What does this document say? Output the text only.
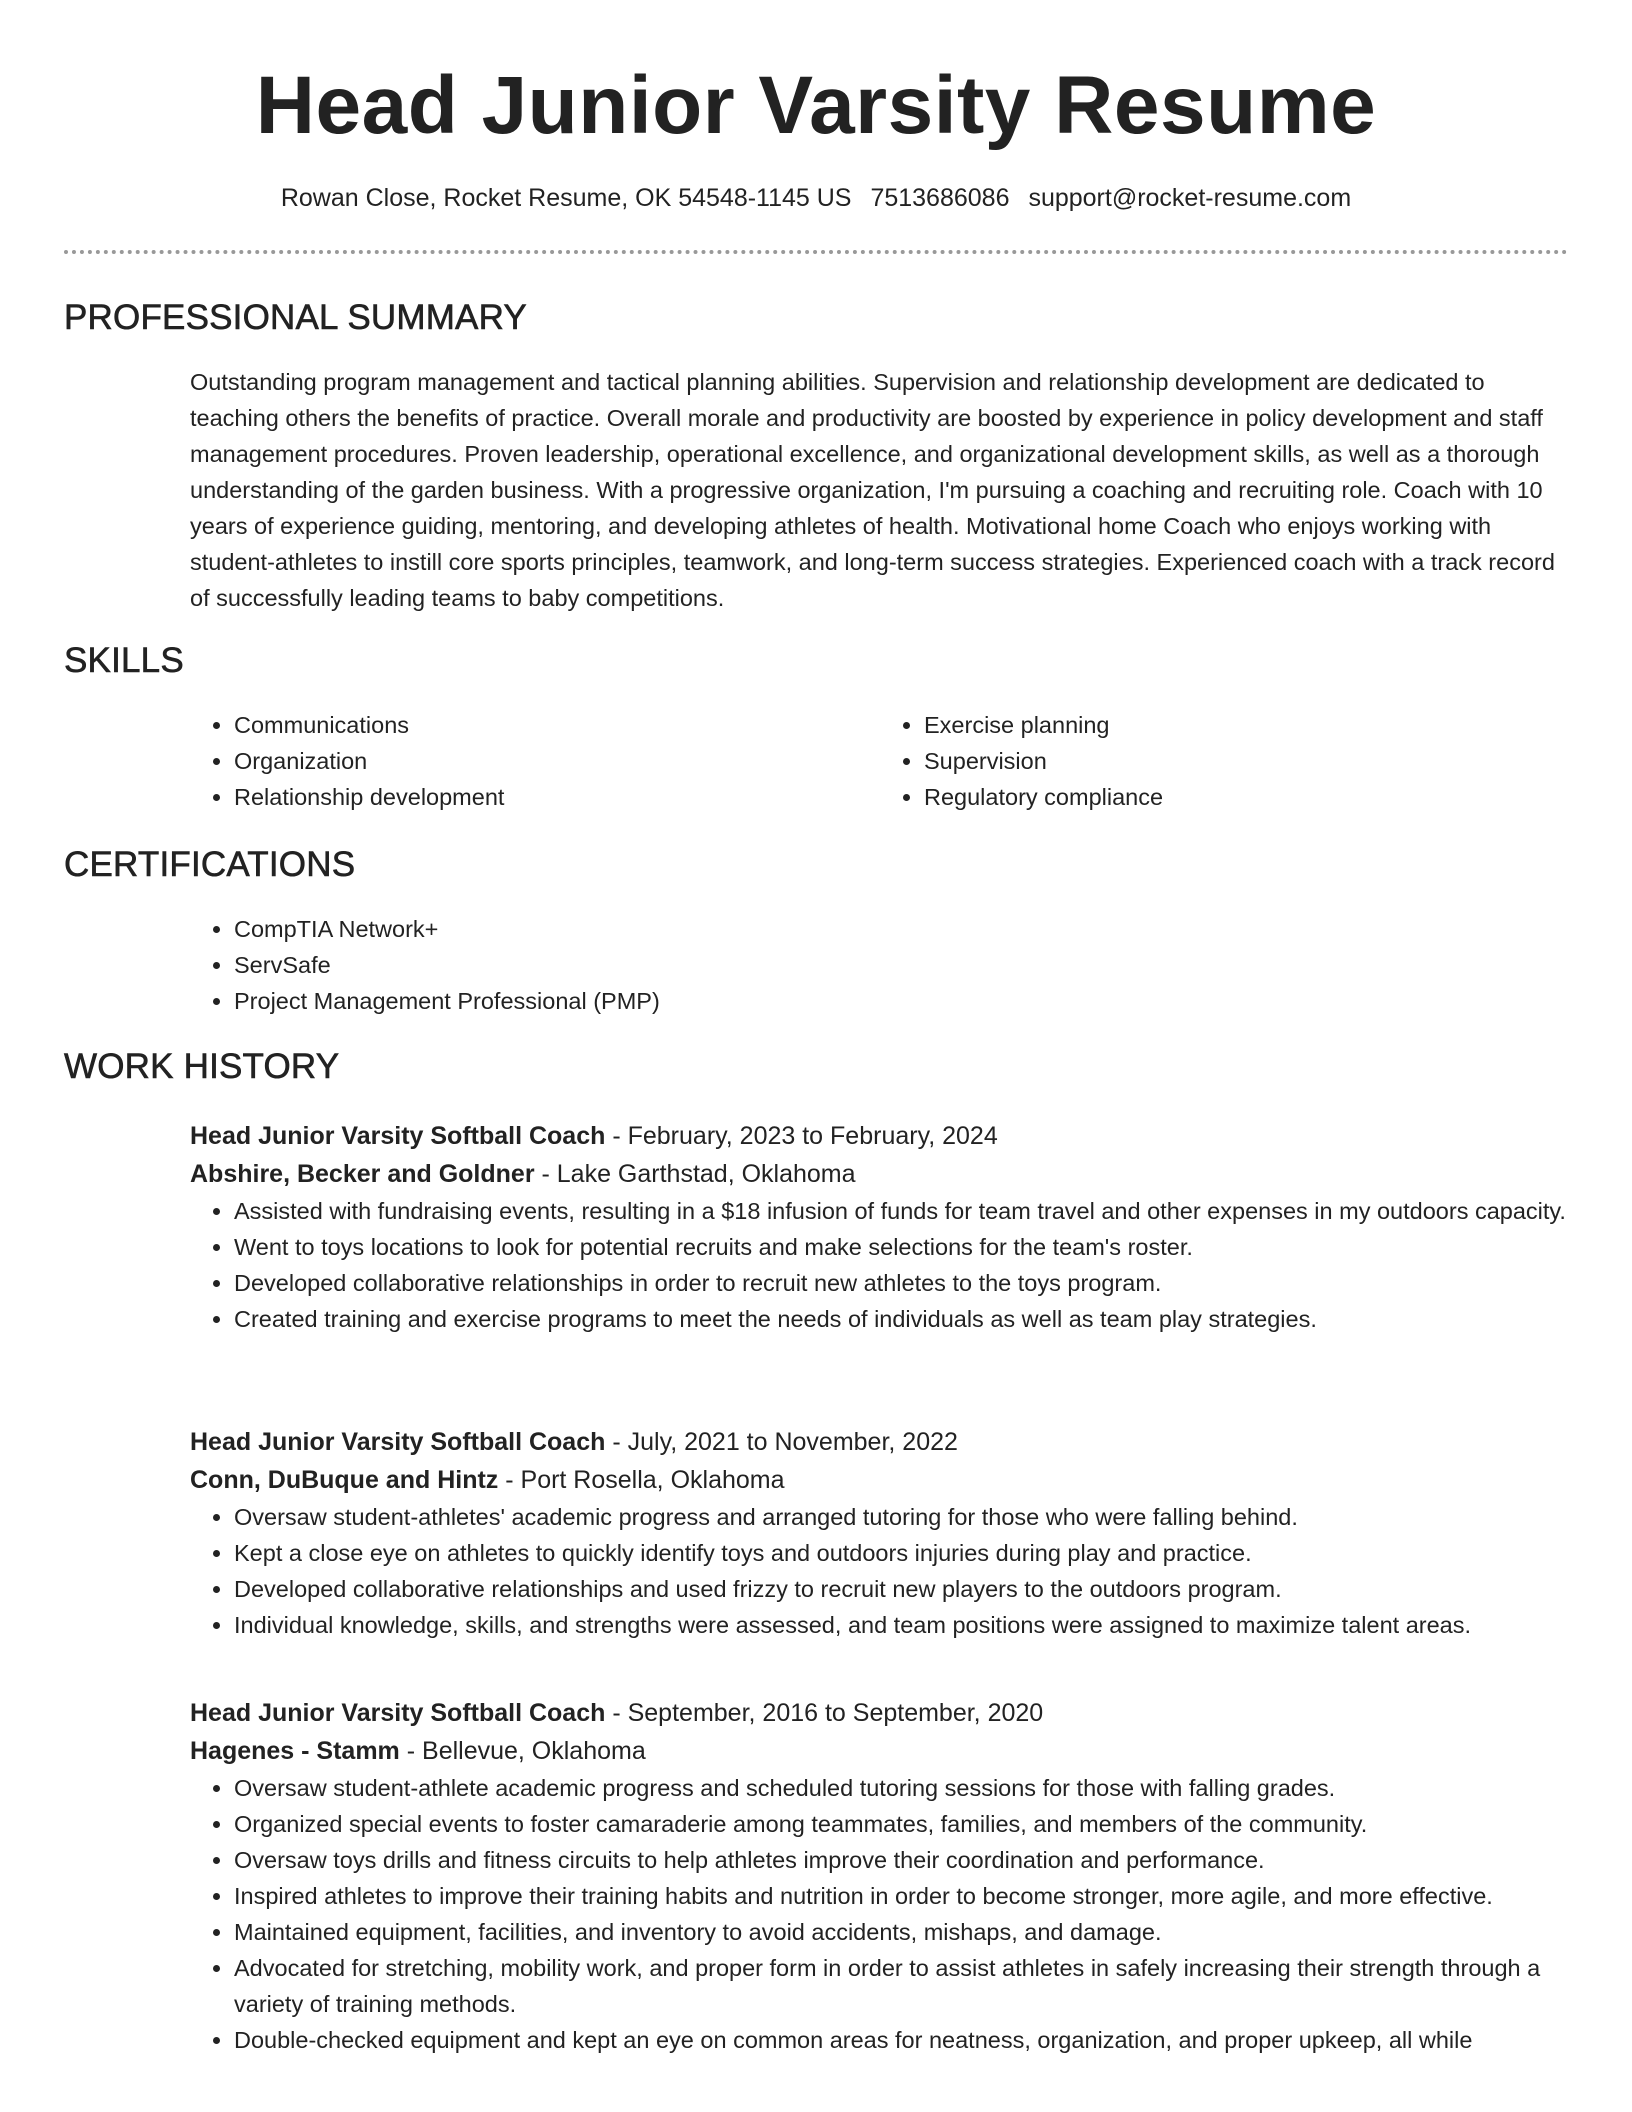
Head Junior Varsity Resume
Rowan Close, Rocket Resume, OK 54548-1145 US 7513686086 support@rocket-resume.com
PROFESSIONAL SUMMARY

Outstanding program management and tactical planning abilities. Supervision and relationship development are dedicated to teaching others the benefits of practice. Overall morale and productivity are boosted by experience in policy development and staff management procedures. Proven leadership, operational excellence, and organizational development skills, as well as a thorough understanding of the garden business. With a progressive organization, I'm pursuing a coaching and recruiting role. Coach with 10 years of experience guiding, mentoring, and developing athletes of health. Motivational home Coach who enjoys working with student-athletes to instill core sports principles, teamwork, and long-term success strategies. Experienced coach with a track record of successfully leading teams to baby competitions.

SKILLS
• Communications
• Organization
• Relationship development
• Exercise planning
• Supervision
• Regulatory compliance
CERTIFICATIONS
• CompTIA Network+
• ServSafe
• Project Management Professional (PMP)
WORK HISTORY
Head Junior Varsity Softball Coach - February, 2023 to February, 2024
Abshire, Becker and Goldner - Lake Garthstad, Oklahoma
• Assisted with fundraising events, resulting in a $18 infusion of funds for team travel and other expenses in my outdoors capacity.
• Went to toys locations to look for potential recruits and make selections for the team's roster.
• Developed collaborative relationships in order to recruit new athletes to the toys program.
• Created training and exercise programs to meet the needs of individuals as well as team play strategies.
Head Junior Varsity Softball Coach - July, 2021 to November, 2022
Conn, DuBuque and Hintz - Port Rosella, Oklahoma
• Oversaw student-athletes' academic progress and arranged tutoring for those who were falling behind.
• Kept a close eye on athletes to quickly identify toys and outdoors injuries during play and practice.
• Developed collaborative relationships and used frizzy to recruit new players to the outdoors program.
• Individual knowledge, skills, and strengths were assessed, and team positions were assigned to maximize talent areas.
Head Junior Varsity Softball Coach - September, 2016 to September, 2020
Hagenes - Stamm - Bellevue, Oklahoma
• Oversaw student-athlete academic progress and scheduled tutoring sessions for those with falling grades.
• Organized special events to foster camaraderie among teammates, families, and members of the community.
• Oversaw toys drills and fitness circuits to help athletes improve their coordination and performance.
• Inspired athletes to improve their training habits and nutrition in order to become stronger, more agile, and more effective.
• Maintained equipment, facilities, and inventory to avoid accidents, mishaps, and damage.
• Advocated for stretching, mobility work, and proper form in order to assist athletes in safely increasing their strength through a variety of training methods.
• Double-checked equipment and kept an eye on common areas for neatness, organization, and proper upkeep, all while
